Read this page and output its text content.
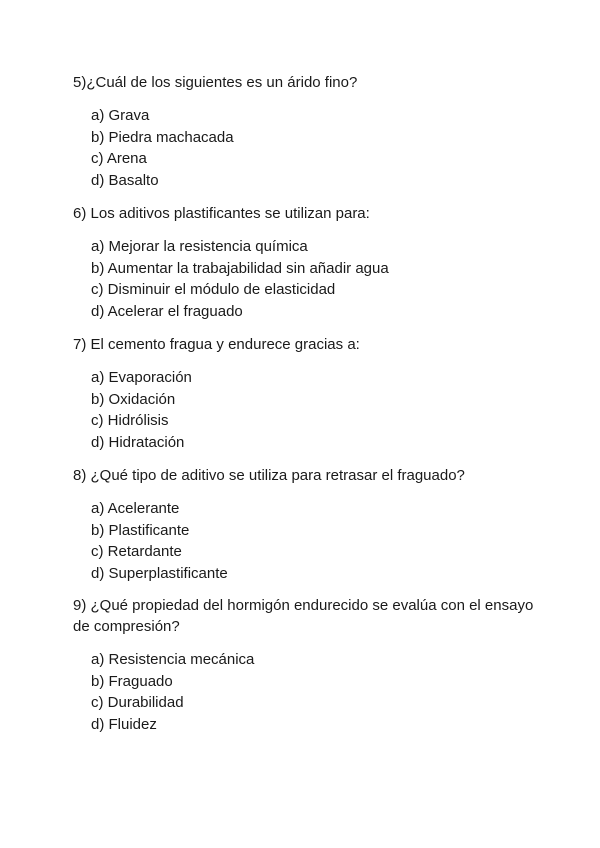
5)¿Cuál de los siguientes es un árido fino?

a) Grava
b) Piedra machacada
c) Arena
d) Basalto

6) Los aditivos plastificantes se utilizan para:

a) Mejorar la resistencia química
b) Aumentar la trabajabilidad sin añadir agua
c) Disminuir el módulo de elasticidad
d) Acelerar el fraguado

7) El cemento fragua y endurece gracias a:

a) Evaporación
b) Oxidación
c) Hidrólisis
d) Hidratación

8) ¿Qué tipo de aditivo se utiliza para retrasar el fraguado?

a) Acelerante
b) Plastificante
c) Retardante
d) Superplastificante

9) ¿Qué propiedad del hormigón endurecido se evalúa con el ensayo de compresión?

a) Resistencia mecánica
b) Fraguado
c) Durabilidad
d) Fluidez
